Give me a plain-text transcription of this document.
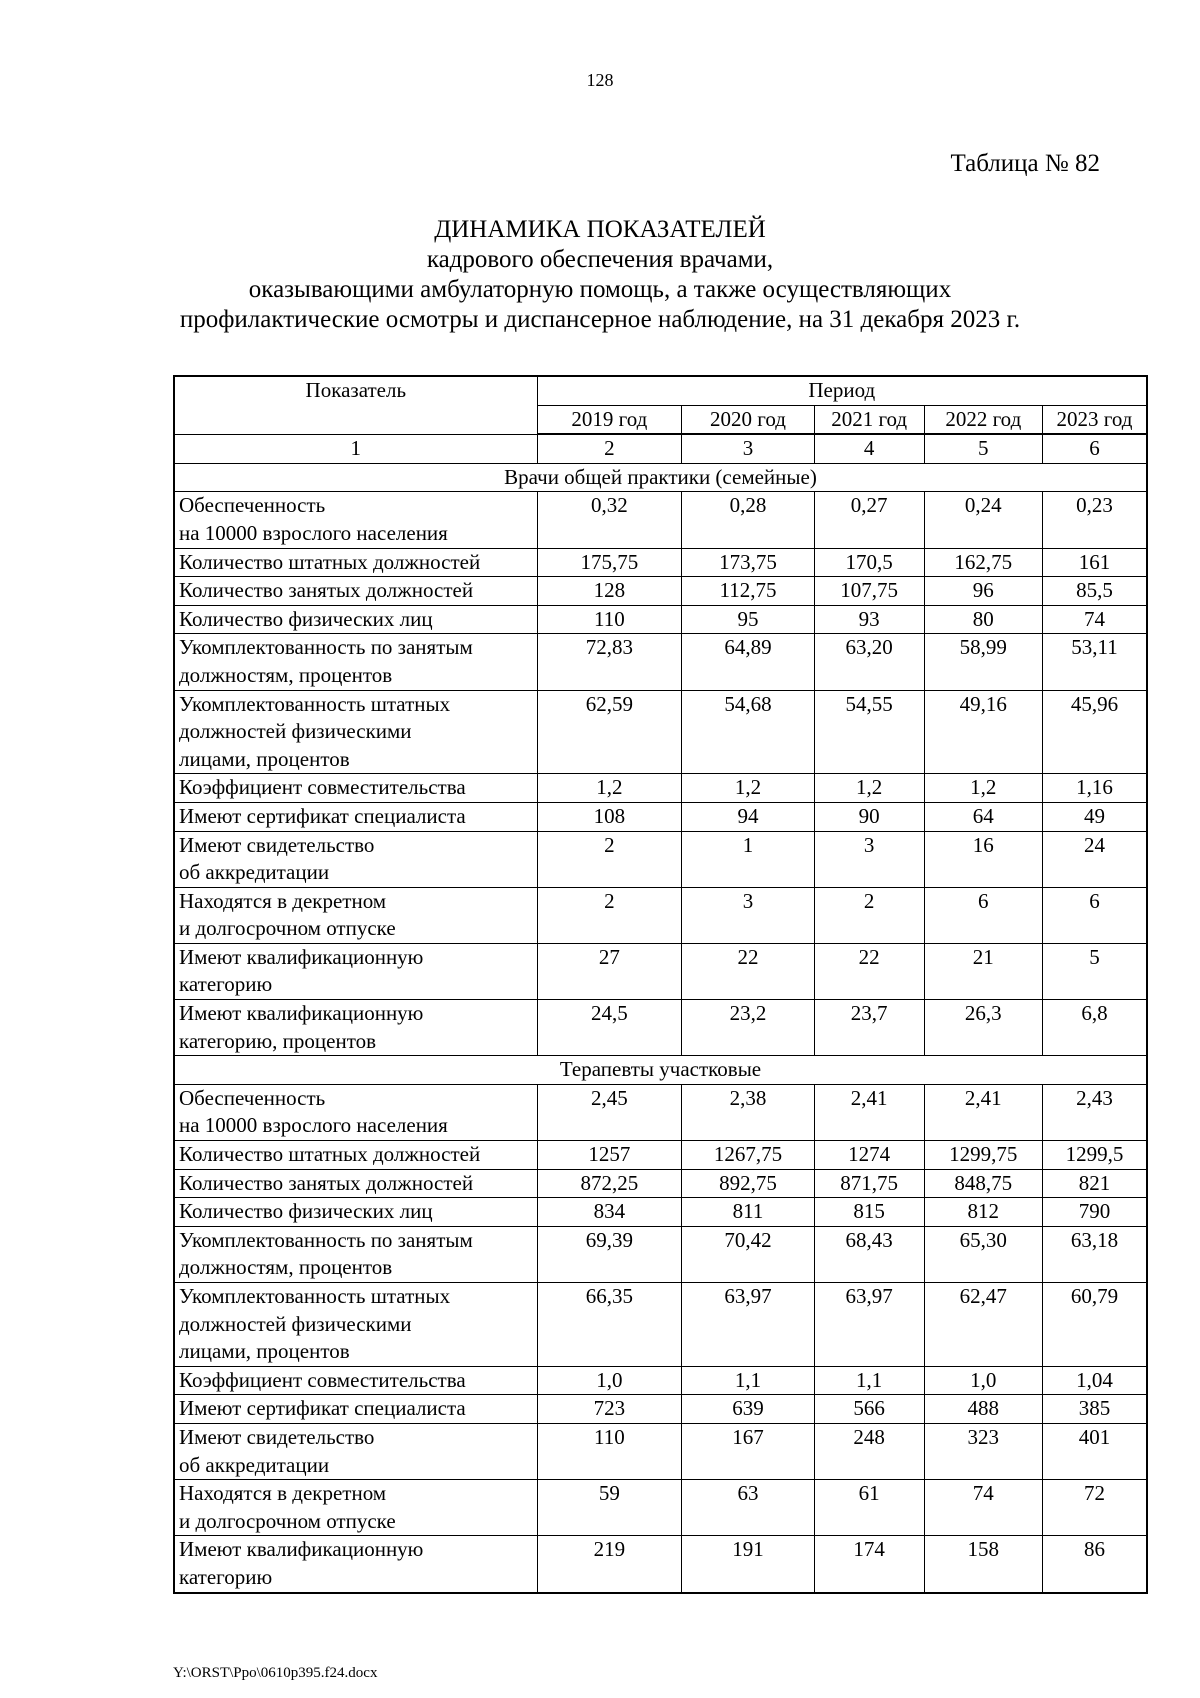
128
Таблица № 82
ДИНАМИКА ПОКАЗАТЕЛЕЙ
кадрового обеспечения врачами,
оказывающими амбулаторную помощь, а также осуществляющих
профилактические осмотры и диспансерное наблюдение, на 31 декабря 2023 г.
Показатель	Период				
	2019 год	2020 год	2021 год	2022 год	2023 год
1	2	3	4	5	6
Врачи общей практики (семейные)					

Обеспеченность
на 10000 взрослого населения	0,32	0,28	0,27	0,24	0,23

Количество штатных должностей	175,75	173,75	170,5	162,75	161

Количество занятых должностей	128	112,75	107,75	96	85,5

Количество физических лиц	110	95	93	80	74

Укомплектованность по занятым
должностям, процентов	72,83	64,89	63,20	58,99	53,11

Укомплектованность штатных
должностей физическими
лицами, процентов	62,59	54,68	54,55	49,16	45,96

Коэффициент совместительства	1,2	1,2	1,2	1,2	1,16

Имеют сертификат специалиста	108	94	90	64	49

Имеют свидетельство
об аккредитации	2	1	3	16	24

Находятся в декретном
и долгосрочном отпуске	2	3	2	6	6

Имеют квалификационную
категорию	27	22	22	21	5

Имеют квалификационную
категорию, процентов	24,5	23,2	23,7	26,3	6,8
Терапевты участковые					

Обеспеченность
на 10000 взрослого населения	2,45	2,38	2,41	2,41	2,43

Количество штатных должностей	1257	1267,75	1274	1299,75	1299,5

Количество занятых должностей	872,25	892,75	871,75	848,75	821

Количество физических лиц	834	811	815	812	790

Укомплектованность по занятым
должностям, процентов	69,39	70,42	68,43	65,30	63,18

Укомплектованность штатных
должностей физическими
лицами, процентов	66,35	63,97	63,97	62,47	60,79

Коэффициент совместительства	1,0	1,1	1,1	1,0	1,04

Имеют сертификат специалиста	723	639	566	488	385

Имеют свидетельство
об аккредитации	110	167	248	323	401

Находятся в декретном
и долгосрочном отпуске	59	63	61	74	72

Имеют квалификационную
категорию	219	191	174	158	86
Y:\ORST\Ppo\0610p395.f24.docx
